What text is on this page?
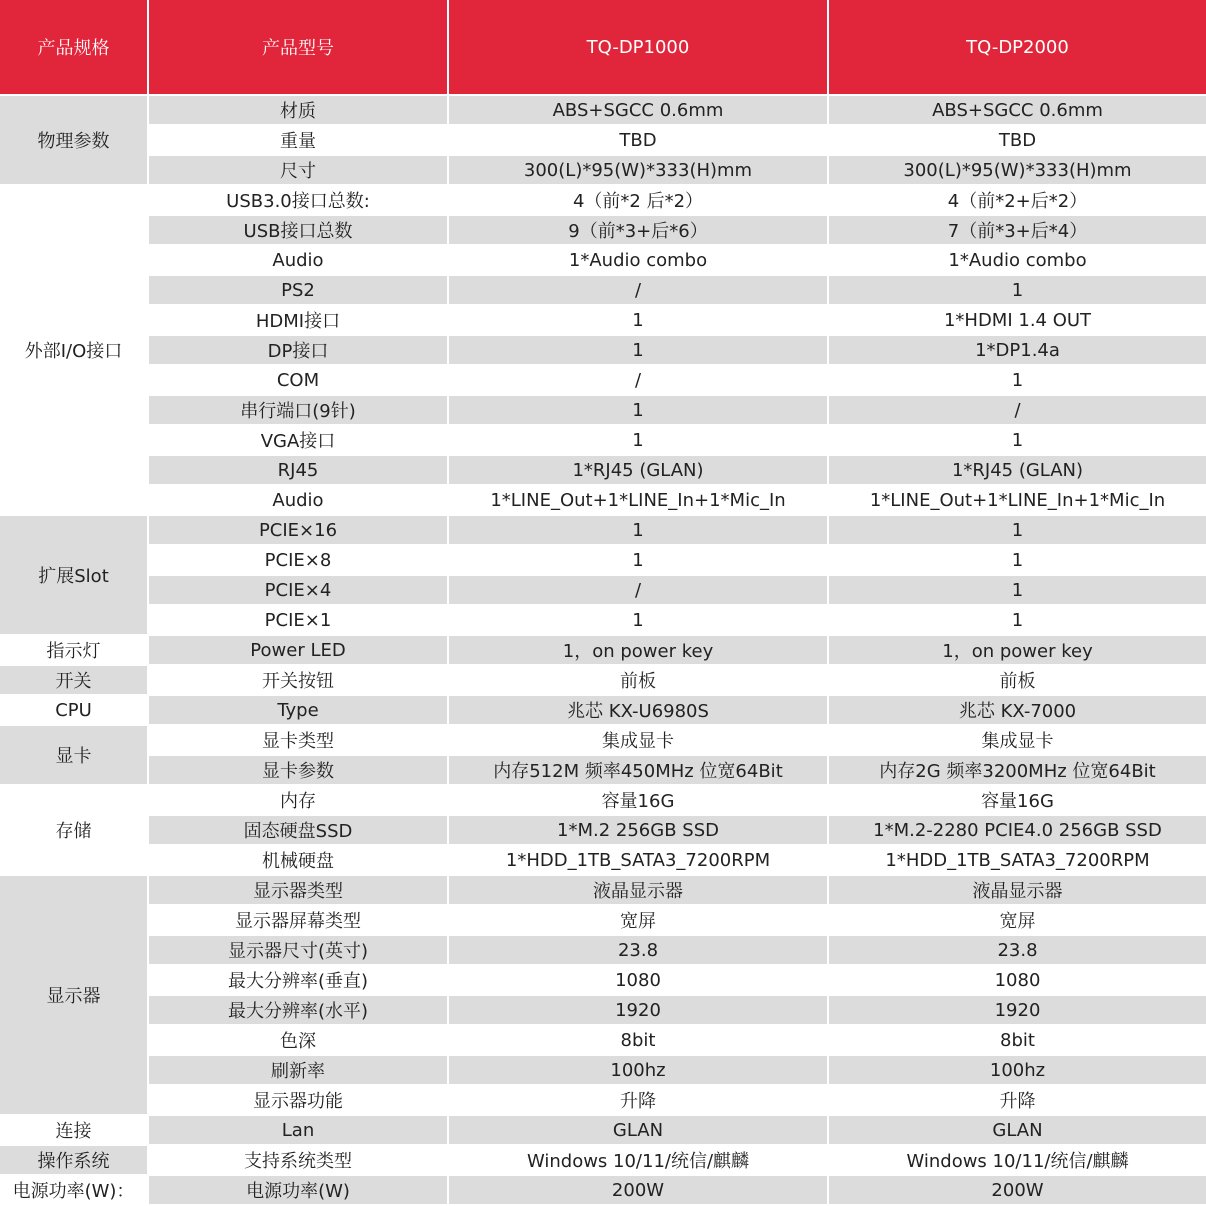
产品规格	产品型号	TQ-DP1000	TQ-DP2000
物理参数	材质	ABS+SGCC 0.6mm	ABS+SGCC 0.6mm
	重量	TBD	TBD
	尺寸	300(L)*95(W)*333(H)mm	300(L)*95(W)*333(H)mm
外部I/O接口	USB3.0接口总数:	4（前*2 后*2）	4（前*2+后*2）
	USB接口总数	9（前*3+后*6）	7（前*3+后*4）
	Audio	1*Audio combo	1*Audio combo
	PS2	/	1
	HDMI接口	1	1*HDMI 1.4 OUT
	DP接口	1	1*DP1.4a
	COM	/	1
	串行端口(9针)	1	/
	VGA接口	1	1
	RJ45	1*RJ45 (GLAN)	1*RJ45 (GLAN)
	Audio	1*LINE_Out+1*LINE_In+1*Mic_In	1*LINE_Out+1*LINE_In+1*Mic_In
扩展Slot	PCIE×16	1	1
	PCIE×8	1	1
	PCIE×4	/	1
	PCIE×1	1	1
指示灯	Power LED	1，on power key	1，on power key
开关	开关按钮	前板	前板
CPU	Type	兆芯 KX-U6980S	兆芯 KX-7000
显卡	显卡类型	集成显卡	集成显卡
	显卡参数	内存512M 频率450MHz 位宽64Bit	内存2G 频率3200MHz 位宽64Bit
存储	内存	容量16G	容量16G
	固态硬盘SSD	1*M.2 256GB SSD	1*M.2-2280 PCIE4.0 256GB SSD
	机械硬盘	1*HDD_1TB_SATA3_7200RPM	1*HDD_1TB_SATA3_7200RPM
显示器	显示器类型	液晶显示器	液晶显示器
	显示器屏幕类型	宽屏	宽屏
	显示器尺寸(英寸)	23.8	23.8
	最大分辨率(垂直)	1080	1080
	最大分辨率(水平)	1920	1920
	色深	8bit	8bit
	刷新率	100hz	100hz
	显示器功能	升降	升降
连接	Lan	GLAN	GLAN
操作系统	支持系统类型	Windows 10/11/统信/麒麟	Windows 10/11/统信/麒麟
电源功率(W)：	电源功率(W)	200W	200W
